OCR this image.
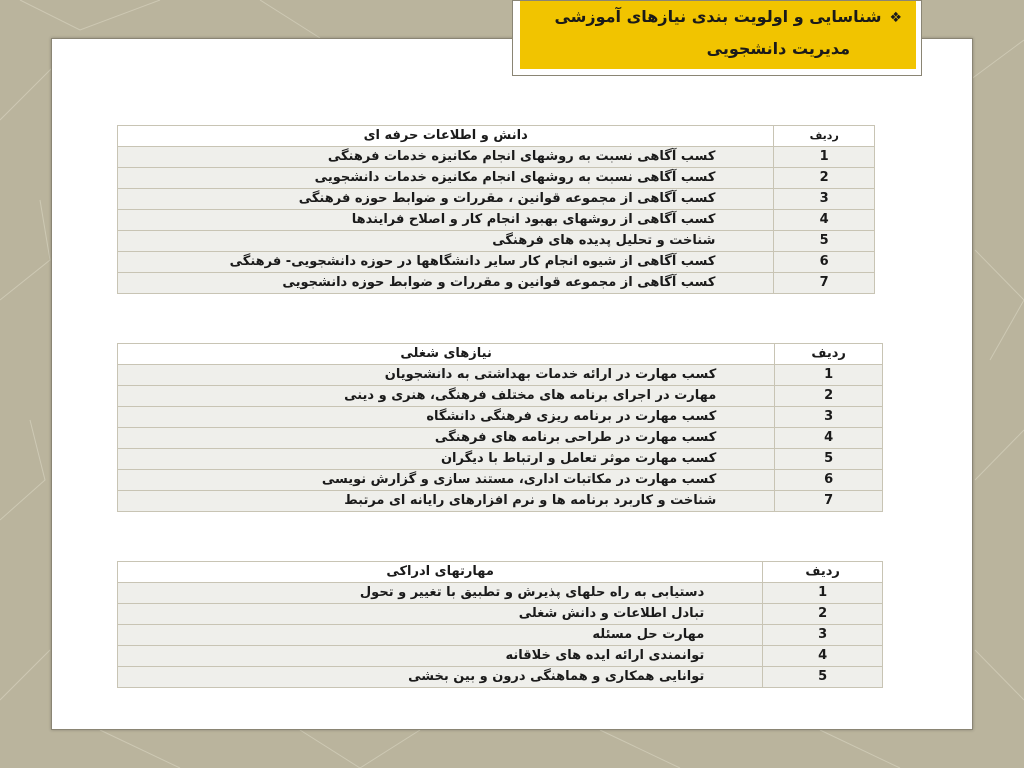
❖شناسایی و اولویت بندی نیازهای آموزشی
مدیریت دانشجویی
ردیف	دانش و اطلاعات حرفه ای
1	کسب آگاهی نسبت به روشهای انجام مکانیزه خدمات فرهنگی
2	کسب آگاهی نسبت به روشهای انجام مکانیزه خدمات دانشجویی
3	کسب آگاهی از مجموعه قوانین ، مقررات و ضوابط حوزه فرهنگی
4	کسب آگاهی از روشهای بهبود انجام کار و اصلاح فرایندها
5	شناخت و تحلیل پدیده های فرهنگی
6	کسب آگاهی از شیوه انجام کار سایر دانشگاهها در حوزه دانشجویی- فرهنگی
7	کسب آگاهی از مجموعه قوانین و مقررات و ضوابط حوزه دانشجویی
ردیف	نیازهای شغلی
1	کسب مهارت در ارائه خدمات بهداشتی به دانشجویان
2	مهارت در اجرای برنامه های مختلف فرهنگی، هنری و دینی
3	کسب مهارت در برنامه ریزی فرهنگی دانشگاه
4	کسب مهارت در طراحی برنامه های فرهنگی
5	کسب مهارت موثر تعامل و ارتباط با دیگران
6	کسب مهارت در مکاتبات اداری، مستند سازی و گزارش نویسی
7	شناخت و کاربرد برنامه ها و نرم افزارهای رایانه ای مرتبط
ردیف	مهارتهای ادراکی
1	دستیابی به راه حلهای پذیرش و تطبیق با تغییر و تحول
2	تبادل اطلاعات و دانش شغلی
3	مهارت حل مسئله
4	توانمندی ارائه ایده های خلاقانه
5	توانایی همکاری و هماهنگی درون و بین بخشی
